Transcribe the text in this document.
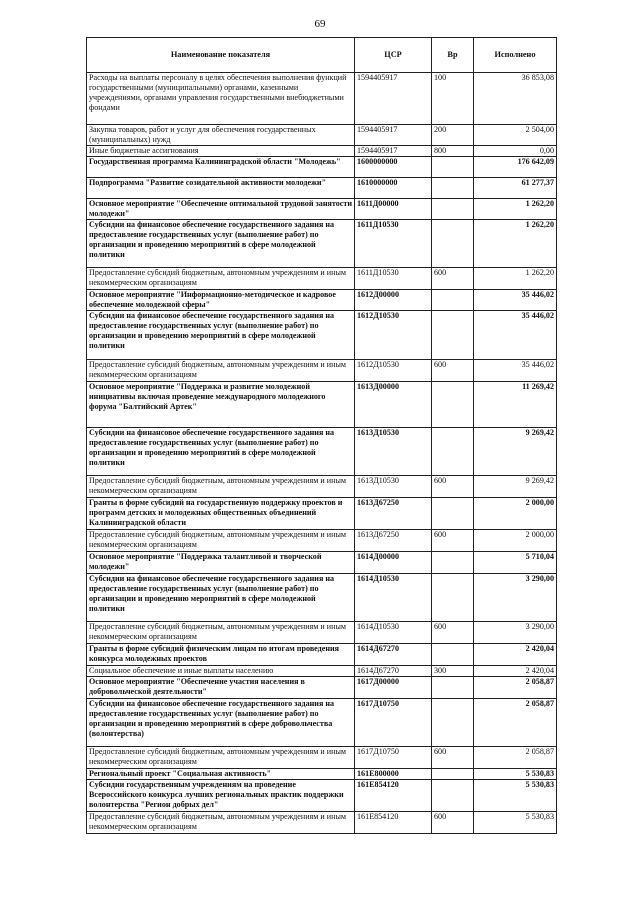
69
Наименование показателя	ЦСР	Вр	Исполнено
Расходы на выплаты персоналу в целях обеспечения выполнения функций государственными (муниципальными) органами, казенными учреждениями, органами управления государственными внебюджетными фондами	1594405917	100	36 853,08
Закупка товаров, работ и услуг для обеспечения государственных (муниципальных) нужд	1594405917	200	2 504,00
Иные бюджетные ассигнования	1594405917	800	0,00
Государственная программа Калининградской области "Молодежь"	1600000000		176 642,09
Подпрограмма "Развитие созидательной активности молодежи"	1610000000		61 277,37
Основное мероприятие "Обеспечение оптимальной трудовой занятости молодежи"	1611Д00000		1 262,20
Субсидии на финансовое обеспечение государственного задания на предоставление государственных услуг (выполнение работ) по организации и проведению мероприятий в сфере молодежной политики	1611Д10530		1 262,20
Предоставление субсидий бюджетным, автономным учреждениям и иным некоммерческим организациям	1611Д10530	600	1 262,20
Основное мероприятие "Информационно-методическое и кадровое обеспечение молодежной сферы"	1612Д00000		35 446,02
Субсидии на финансовое обеспечение государственного задания на предоставление государственных услуг (выполнение работ) по организации и проведению мероприятий в сфере молодежной политики	1612Д10530		35 446,02
Предоставление субсидий бюджетным, автономным учреждениям и иным некоммерческим организациям	1612Д10530	600	35 446,02
Основное мероприятие "Поддержка и развитие молодежной инициативы включая проведение международного молодежного форума "Балтийский Артек"	1613Д00000		11 269,42
Субсидии на финансовое обеспечение государственного задания на предоставление государственных услуг (выполнение работ) по организации и проведению мероприятий в сфере молодежной политики	1613Д10530		9 269,42
Предоставление субсидий бюджетным, автономным учреждениям и иным некоммерческим организациям	1613Д10530	600	9 269,42
Гранты в форме субсидий на государственную поддержку проектов и программ детских и молодежных общественных объединений Калининградской области	1613Д67250		2 000,00
Предоставление субсидий бюджетным, автономным учреждениям и иным некоммерческим организациям	1613Д67250	600	2 000,00
Основное мероприятие "Поддержка талантливой и творческой молодежи"	1614Д00000		5 710,04
Субсидии на финансовое обеспечение государственного задания на предоставление государственных услуг (выполнение работ) по организации и проведению мероприятий в сфере молодежной политики	1614Д10530		3 290,00
Предоставление субсидий бюджетным, автономным учреждениям и иным некоммерческим организациям	1614Д10530	600	3 290,00
Гранты в форме субсидий физическим лицам по итогам проведения конкурса молодежных проектов	1614Д67270		2 420,04
Социальное обеспечение и иные выплаты населению	1614Д67270	300	2 420,04
Основное мероприятие "Обеспечение участия населения в добровольческой деятельности"	1617Д00000		2 058,87
Субсидии на финансовое обеспечение государственного задания на предоставление государственных услуг (выполнение работ) по организации и проведению мероприятий в сфере добровольчества (волонтерства)	1617Д10750		2 058,87
Предоставление субсидий бюджетным, автономным учреждениям и иным некоммерческим организациям	1617Д10750	600	2 058,87
Региональный проект "Социальная активность"	161E800000		5 530,83
Субсидии государственным учреждениям на проведение Всероссийского конкурса лучших региональных практик поддержки волонтерства "Регион добрых дел"	161E854120		5 530,83
Предоставление субсидий бюджетным, автономным учреждениям и иным некоммерческим организациям	161E854120	600	5 530,83
